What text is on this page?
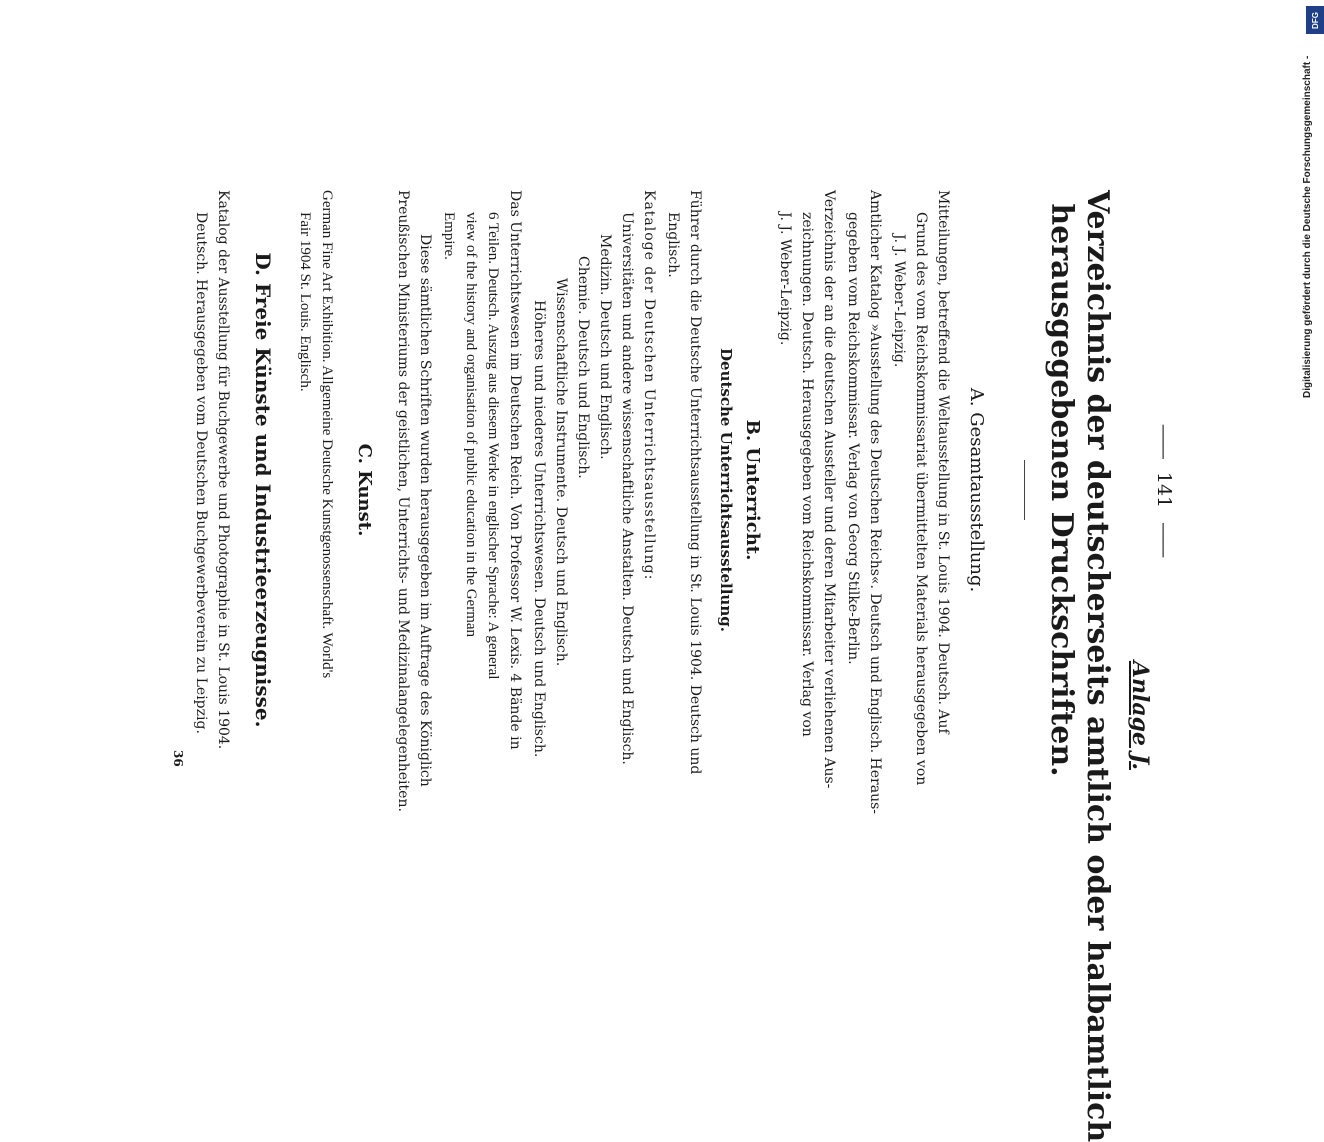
—— 141 ——
Anlage J.
Verzeichnis der deutscherseits amtlich oder halbamtlich
herausgegebenen Druckschriften.
A. Gesamtausstellung.
Mitteilungen, betreffend die Weltausstellung in St. Louis 1904. Deutsch. Auf
Grund des vom Reichskommissariat übermittelten Materials herausgegeben von
J. J. Weber-Leipzig.
Amtlicher Katalog »Ausstellung des Deutschen Reichs«. Deutsch und Englisch. Heraus-
gegeben vom Reichskommissar. Verlag von Georg Stilke-Berlin.
Verzeichnis der an die deutschen Aussteller und deren Mitarbeiter verliehenen Aus-
zeichnungen. Deutsch. Herausgegeben vom Reichskommissar. Verlag von
J. J. Weber-Leipzig.
B. Unterricht.
Deutsche Unterrichtsausstellung.
Führer durch die Deutsche Unterrichtsausstellung in St. Louis 1904. Deutsch und
Englisch.
Kataloge der Deutschen Unterrichtsausstellung:
Universitäten und andere wissenschaftliche Anstalten. Deutsch und Englisch.
Medizin. Deutsch und Englisch.
Chemie. Deutsch und Englisch.
Wissenschaftliche Instrumente. Deutsch und Englisch.
Höheres und niederes Unterrichtswesen. Deutsch und Englisch.
Das Unterrichtswesen im Deutschen Reich. Von Professor W. Lexis. 4 Bände in
6 Teilen. Deutsch. Auszug aus diesem Werke in englischer Sprache: A general
view of the history and organisation of public education in the German
Empire.
Diese sämtlichen Schriften wurden herausgegeben im Auftrage des Königlich
Preußischen Ministeriums der geistlichen, Unterrichts- und Medizinalangelegenheiten.
C. Kunst.
German Fine Art Exhibition. Allgemeine Deutsche Kunstgenossenschaft. World's
Fair 1904 St. Louis. Englisch.
D. Freie Künste und Industrieerzeugnisse.
Katalog der Ausstellung für Buchgewerbe und Photographie in St. Louis 1904.
Deutsch. Herausgegeben vom Deutschen Buchgewerbeverein zu Leipzig.
36
DFG
Digitalisierung gefördert durch die Deutsche Forschungsgemeinschaft -
